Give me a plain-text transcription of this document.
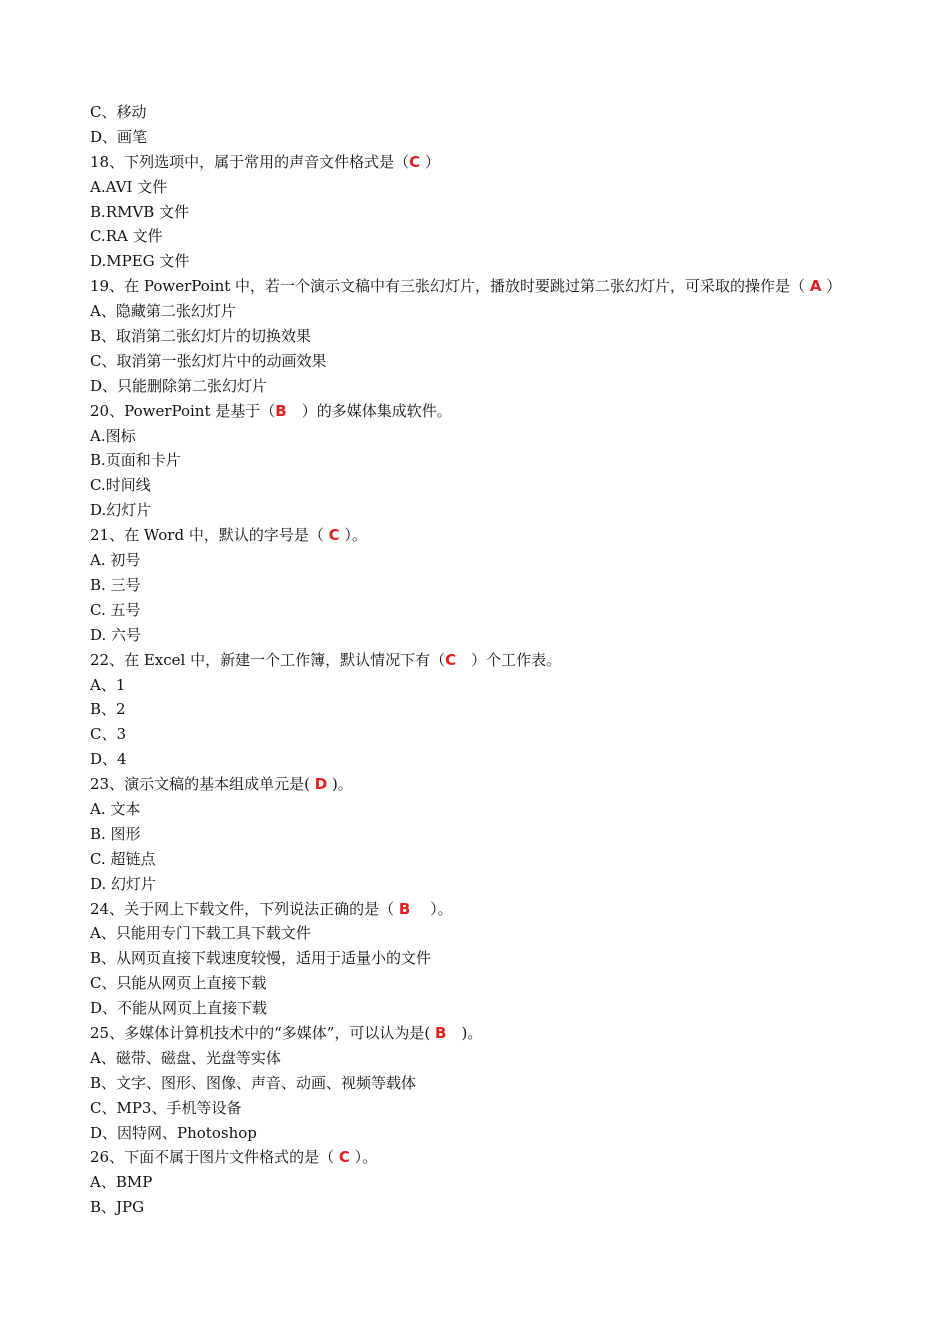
C、移动
D、画笔
18、下列选项中，属于常用的声音文件格式是（C ）
A.AVI 文件
B.RMVB 文件
C.RA 文件
D.MPEG 文件
19、在 PowerPoint 中，若一个演示文稿中有三张幻灯片，播放时要跳过第二张幻灯片，可采取的操作是（ A ）
A、隐藏第二张幻灯片
B、取消第二张幻灯片的切换效果
C、取消第一张幻灯片中的动画效果
D、只能删除第二张幻灯片
20、PowerPoint 是基于（B　）的多媒体集成软件。
A.图标
B.页面和卡片
C.时间线
D.幻灯片
21、在 Word 中，默认的字号是（ C ）。
A. 初号
B. 三号
C. 五号
D. 六号
22、在 Excel 中，新建一个工作簿，默认情况下有（C　）个工作表。
A、1
B、2
C、3
D、4
23、演示文稿的基本组成单元是( D )。
A. 文本
B. 图形
C. 超链点
D. 幻灯片
24、关于网上下载文件，下列说法正确的是（ B　 ）。
A、只能用专门下载工具下载文件
B、从网页直接下载速度较慢，适用于适量小的文件
C、只能从网页上直接下载
D、不能从网页上直接下载
25、多媒体计算机技术中的“多媒体”，可以认为是( B　)。
A、磁带、磁盘、光盘等实体
B、文字、图形、图像、声音、动画、视频等载体
C、MP3、手机等设备
D、因特网、Photoshop
26、下面不属于图片文件格式的是（ C ）。
A、BMP
B、JPG
